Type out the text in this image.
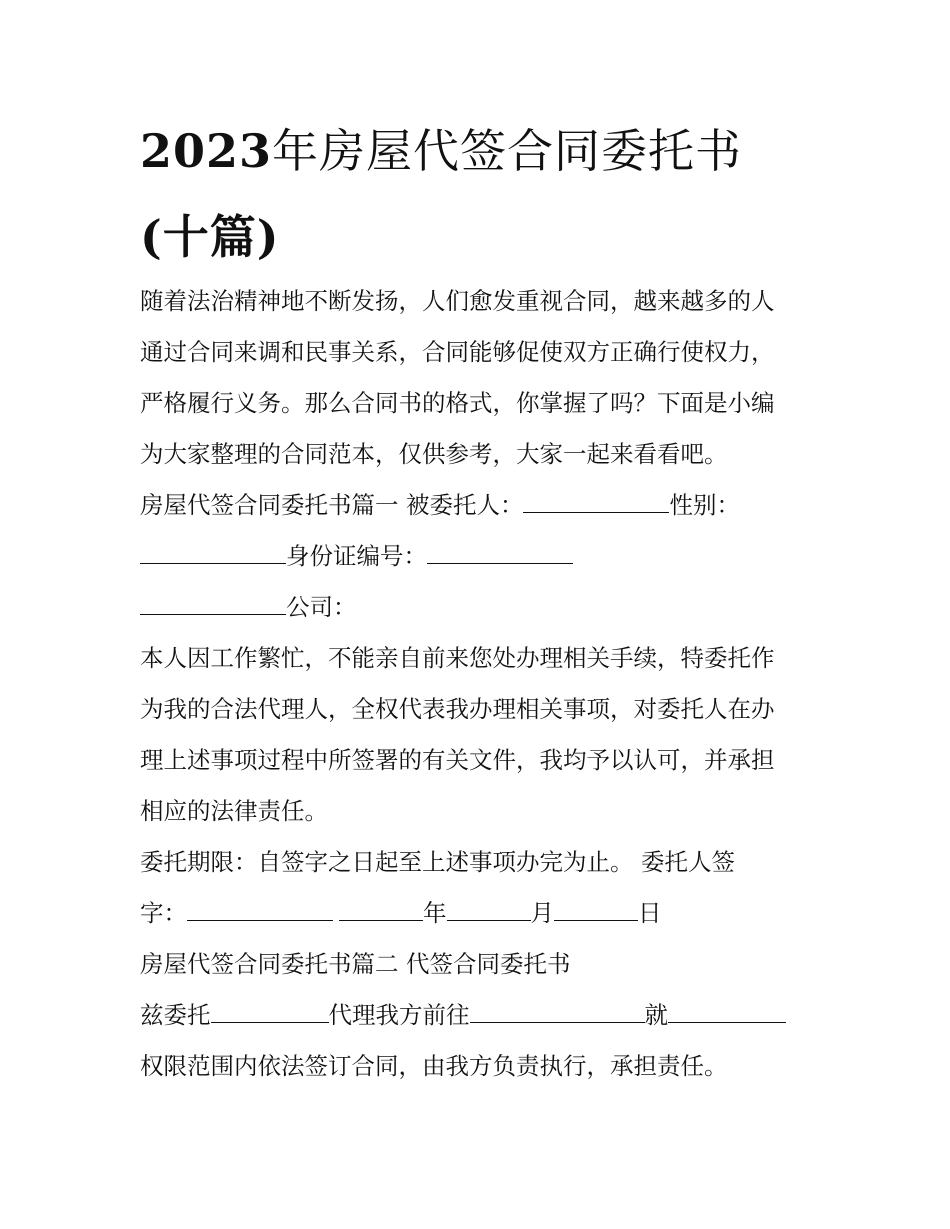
2023年房屋代签合同委托书
(十篇)
随着法治精神地不断发扬，人们愈发重视合同，越来越多的人
通过合同来调和民事关系，合同能够促使双方正确行使权力，
严格履行义务。那么合同书的格式，你掌握了吗？下面是小编
为大家整理的合同范本，仅供参考，大家一起来看看吧。
房屋代签合同委托书篇一 被委托人：	性别：
身份证编号：
公司：
本人因工作繁忙，不能亲自前来您处办理相关手续，特委托作
为我的合法代理人，全权代表我办理相关事项，对委托人在办
理上述事项过程中所签署的有关文件，我均予以认可，并承担
相应的法律责任。
委托期限：自签字之日起至上述事项办完为止。 委托人签
字：	年	月	日
房屋代签合同委托书篇二 代签合同委托书
兹委托	代理我方前往	就
权限范围内依法签订合同，由我方负责执行，承担责任。
